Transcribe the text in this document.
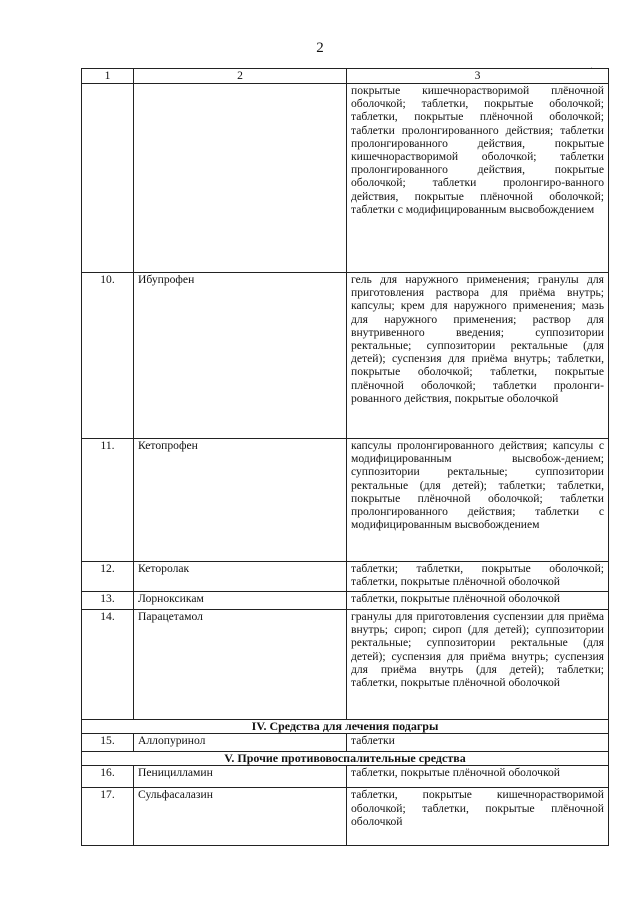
2
.
1	2	3
		покрытые кишечнорастворимой плёночной оболочкой; таблетки, покрытые оболочкой; таблетки, покрытые плёночной оболочкой; таблетки пролонгированного действия; таблетки пролонгированного действия, покрытые кишечнорастворимой оболочкой; таблетки пролонгированного действия, покрытые оболочкой; таблетки пролонгиро-ванного действия, покрытые плёночной оболочкой; таблетки с модифицированным высвобождением
10.	Ибупрофен	гель для наружного применения; гранулы для приготовления раствора для приёма внутрь; капсулы; крем для наружного применения; мазь для наружного применения; раствор для внутривенного введения; суппозитории ректальные; суппозитории ректальные (для детей); суспензия для приёма внутрь; таблетки, покрытые оболочкой; таблетки, покрытые плёночной оболочкой; таблетки пролонги-рованного действия, покрытые оболочкой
11.	Кетопрофен	капсулы пролонгированного действия; капсулы с модифицированным высвобож-дением; суппозитории ректальные; суппозитории ректальные (для детей); таблетки; таблетки, покрытые плёночной оболочкой; таблетки пролонгированного действия; таблетки с модифицированным высвобождением
12.	Кеторолак	таблетки; таблетки, покрытые оболочкой; таблетки, покрытые плёночной оболочкой
13.	Лорноксикам	таблетки, покрытые плёночной оболочкой
14.	Парацетамол	гранулы для приготовления суспензии для приёма внутрь; сироп; сироп (для детей); суппозитории ректальные; суппозитории ректальные (для детей); суспензия для приёма внутрь; суспензия для приёма внутрь (для детей); таблетки; таблетки, покрытые плёночной оболочкой
IV. Средства для лечения подагры		
15.	Аллопуринол	таблетки
V. Прочие противовоспалительные средства		
16.	Пеницилламин	таблетки, покрытые плёночной оболочкой
17.	Сульфасалазин	таблетки, покрытые кишечнорастворимой оболочкой; таблетки, покрытые плёночной оболочкой
